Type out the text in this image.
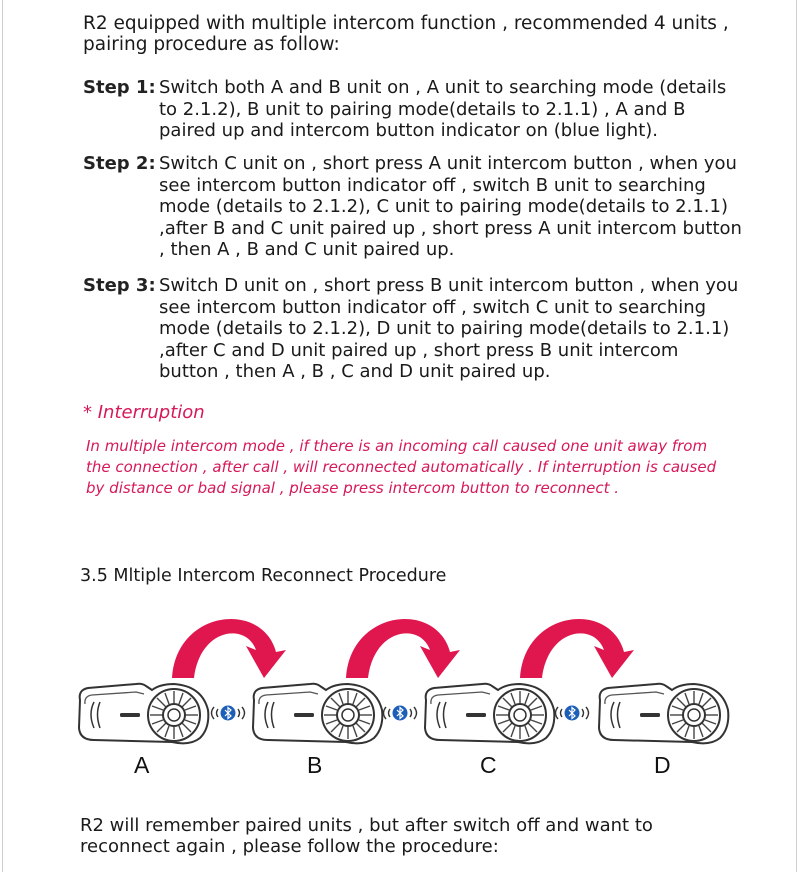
R2 equipped with multiple intercom function , recommended 4 units , pairing procedure as follow:

Step 1: Switch both A and B unit on , A unit to searching mode (details to 2.1.2), B unit to pairing mode(details to 2.1.1) , A and B paired up and intercom button indicator on (blue light).
Step 2: Switch C unit on , short press A unit intercom button , when you see intercom button indicator off , switch B unit to searching mode (details to 2.1.2), C unit to pairing mode(details to 2.1.1) ,after B and C unit paired up , short press A unit intercom button , then A , B and C unit paired up.
Step 3: Switch D unit on , short press B unit intercom button , when you see intercom button indicator off , switch C unit to searching mode (details to 2.1.2), D unit to pairing mode(details to 2.1.1) ,after C and D unit paired up , short press B unit intercom button , then A , B , C and D unit paired up.
* Interruption

In multiple intercom mode , if there is an incoming call caused one unit away from the connection , after call , will reconnected automatically . If interruption is caused by distance or bad signal , please press intercom button to reconnect .

3.5 Mltiple Intercom Reconnect Procedure
A	B	C	D

R2 will remember paired units , but after switch off and want to reconnect again , please follow the procedure:
